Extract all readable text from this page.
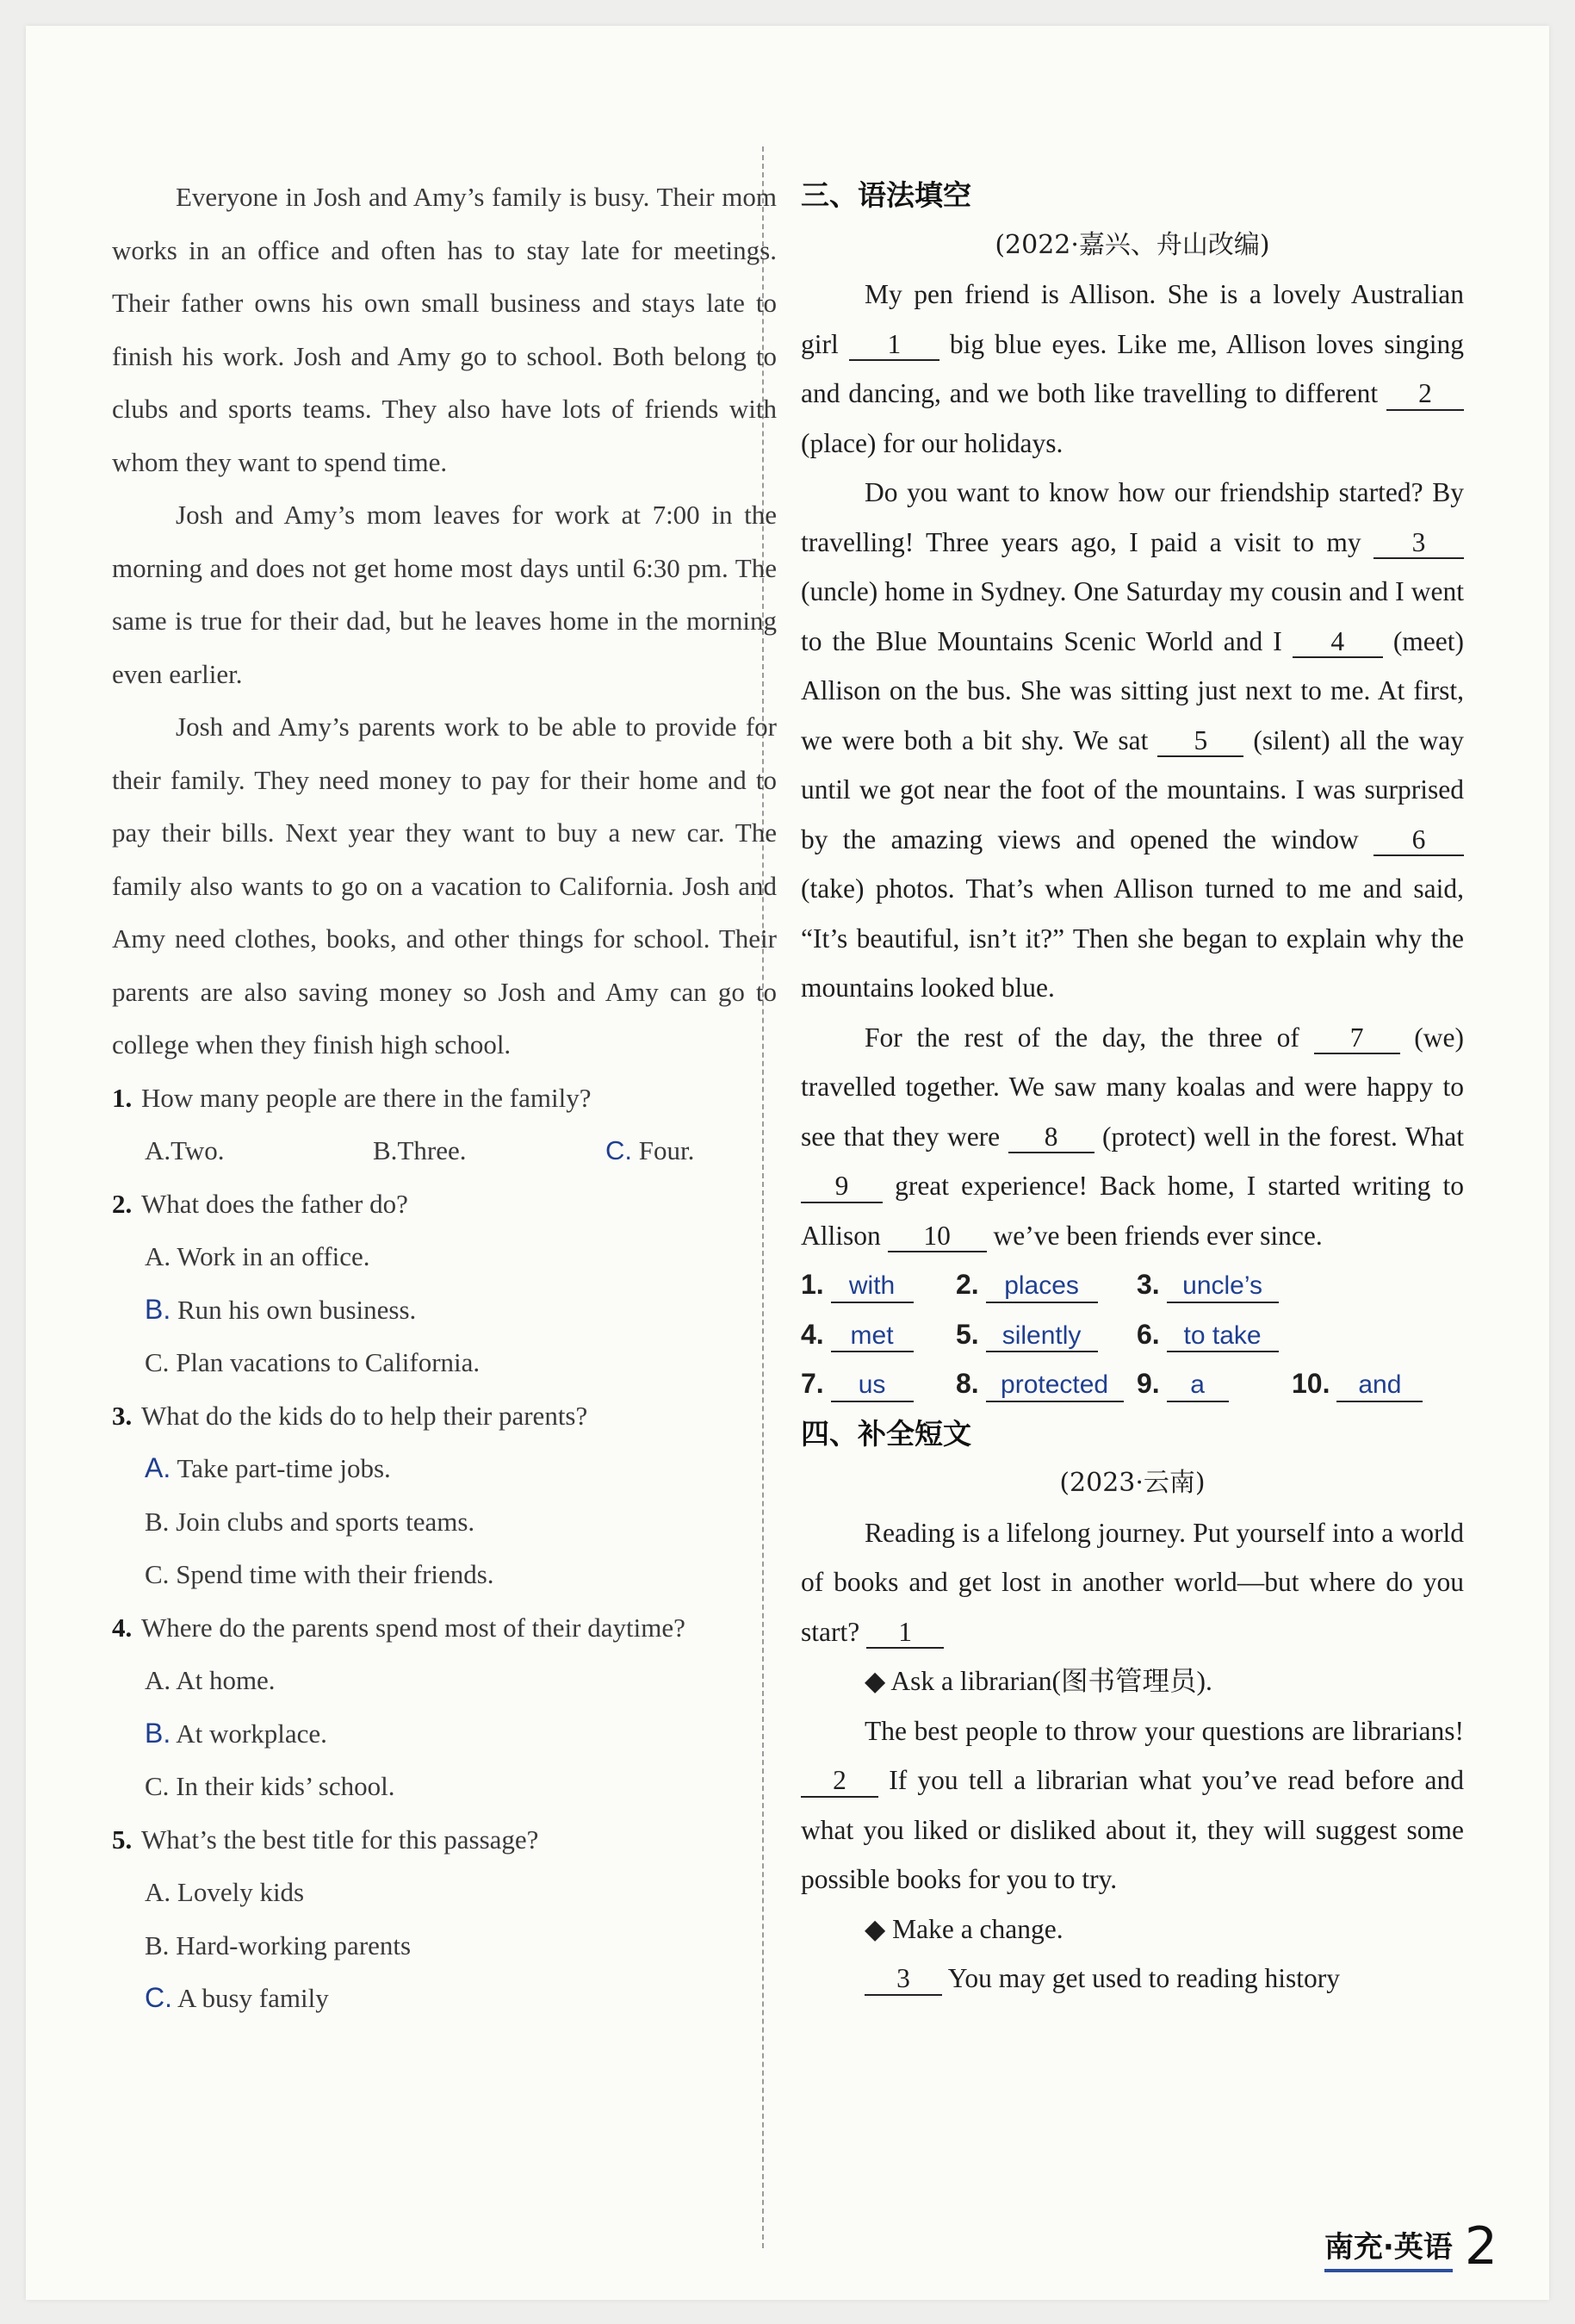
Everyone in Josh and Amy’s family is busy. Their mom works in an office and often has to stay late for meetings. Their father owns his own small business and stays late to finish his work. Josh and Amy go to school. Both belong to clubs and sports teams. They also have lots of friends with whom they want to spend time.

Josh and Amy’s mom leaves for work at 7:00 in the morning and does not get home most days until 6:30 pm. The same is true for their dad, but he leaves home in the morning even earlier.

Josh and Amy’s parents work to be able to provide for their family. They need money to pay for their home and to pay their bills. Next year they want to buy a new car. The family also wants to go on a vacation to California. Josh and Amy need clothes, books, and other things for school. Their parents are also saving money so Josh and Amy can go to college when they finish high school.

1. How many people are there in the family?
A.Two.	B.Three.	C. Four.
2. What does the father do?
A. Work in an office.
B. Run his own business.
C. Plan vacations to California.
3. What do the kids do to help their parents?
A. Take part-time jobs.
B. Join clubs and sports teams.
C. Spend time with their friends.
4. Where do the parents spend most of their daytime?
A. At home.
B. At workplace.
C. In their kids’ school.
5. What’s the best title for this passage?
A. Lovely kids
B. Hard-working parents
C. A busy family
三、语法填空
(2022·嘉兴、舟山改编)

My pen friend is Allison. She is a lovely Australian girl 1 big blue eyes. Like me, Allison loves singing and dancing, and we both like travelling to different 2 (place) for our holidays.

Do you want to know how our friendship started? By travelling! Three years ago, I paid a visit to my 3 (uncle) home in Sydney. One Saturday my cousin and I went to the Blue Mountains Scenic World and I 4 (meet) Allison on the bus. She was sitting just next to me. At first, we were both a bit shy. We sat 5 (silent) all the way until we got near the foot of the mountains. I was surprised by the amazing views and opened the window 6 (take) photos. That’s when Allison turned to me and said, “It’s beautiful, isn’t it?” Then she began to explain why the mountains looked blue.

For the rest of the day, the three of 7 (we) travelled together. We saw many koalas and were happy to see that they were 8 (protect) well in the forest. What 9 great experience! Back home, I started writing to Allison 10 we’ve been friends ever since.

1. with	2. places	3. uncle’s
4. met	5. silently	6. to take
7. us	8. protected	9. a	10. and
四、补全短文
(2023·云南)

Reading is a lifelong journey. Put yourself into a world of books and get lost in another world—but where do you start? 1

◆ Ask a librarian(图书管理员).

The best people to throw your questions are librarians! 2 If you tell a librarian what you’ve read before and what you liked or disliked about it, they will suggest some possible books for you to try.

◆ Make a change.

3 You may get used to reading history

南充·英语 2
